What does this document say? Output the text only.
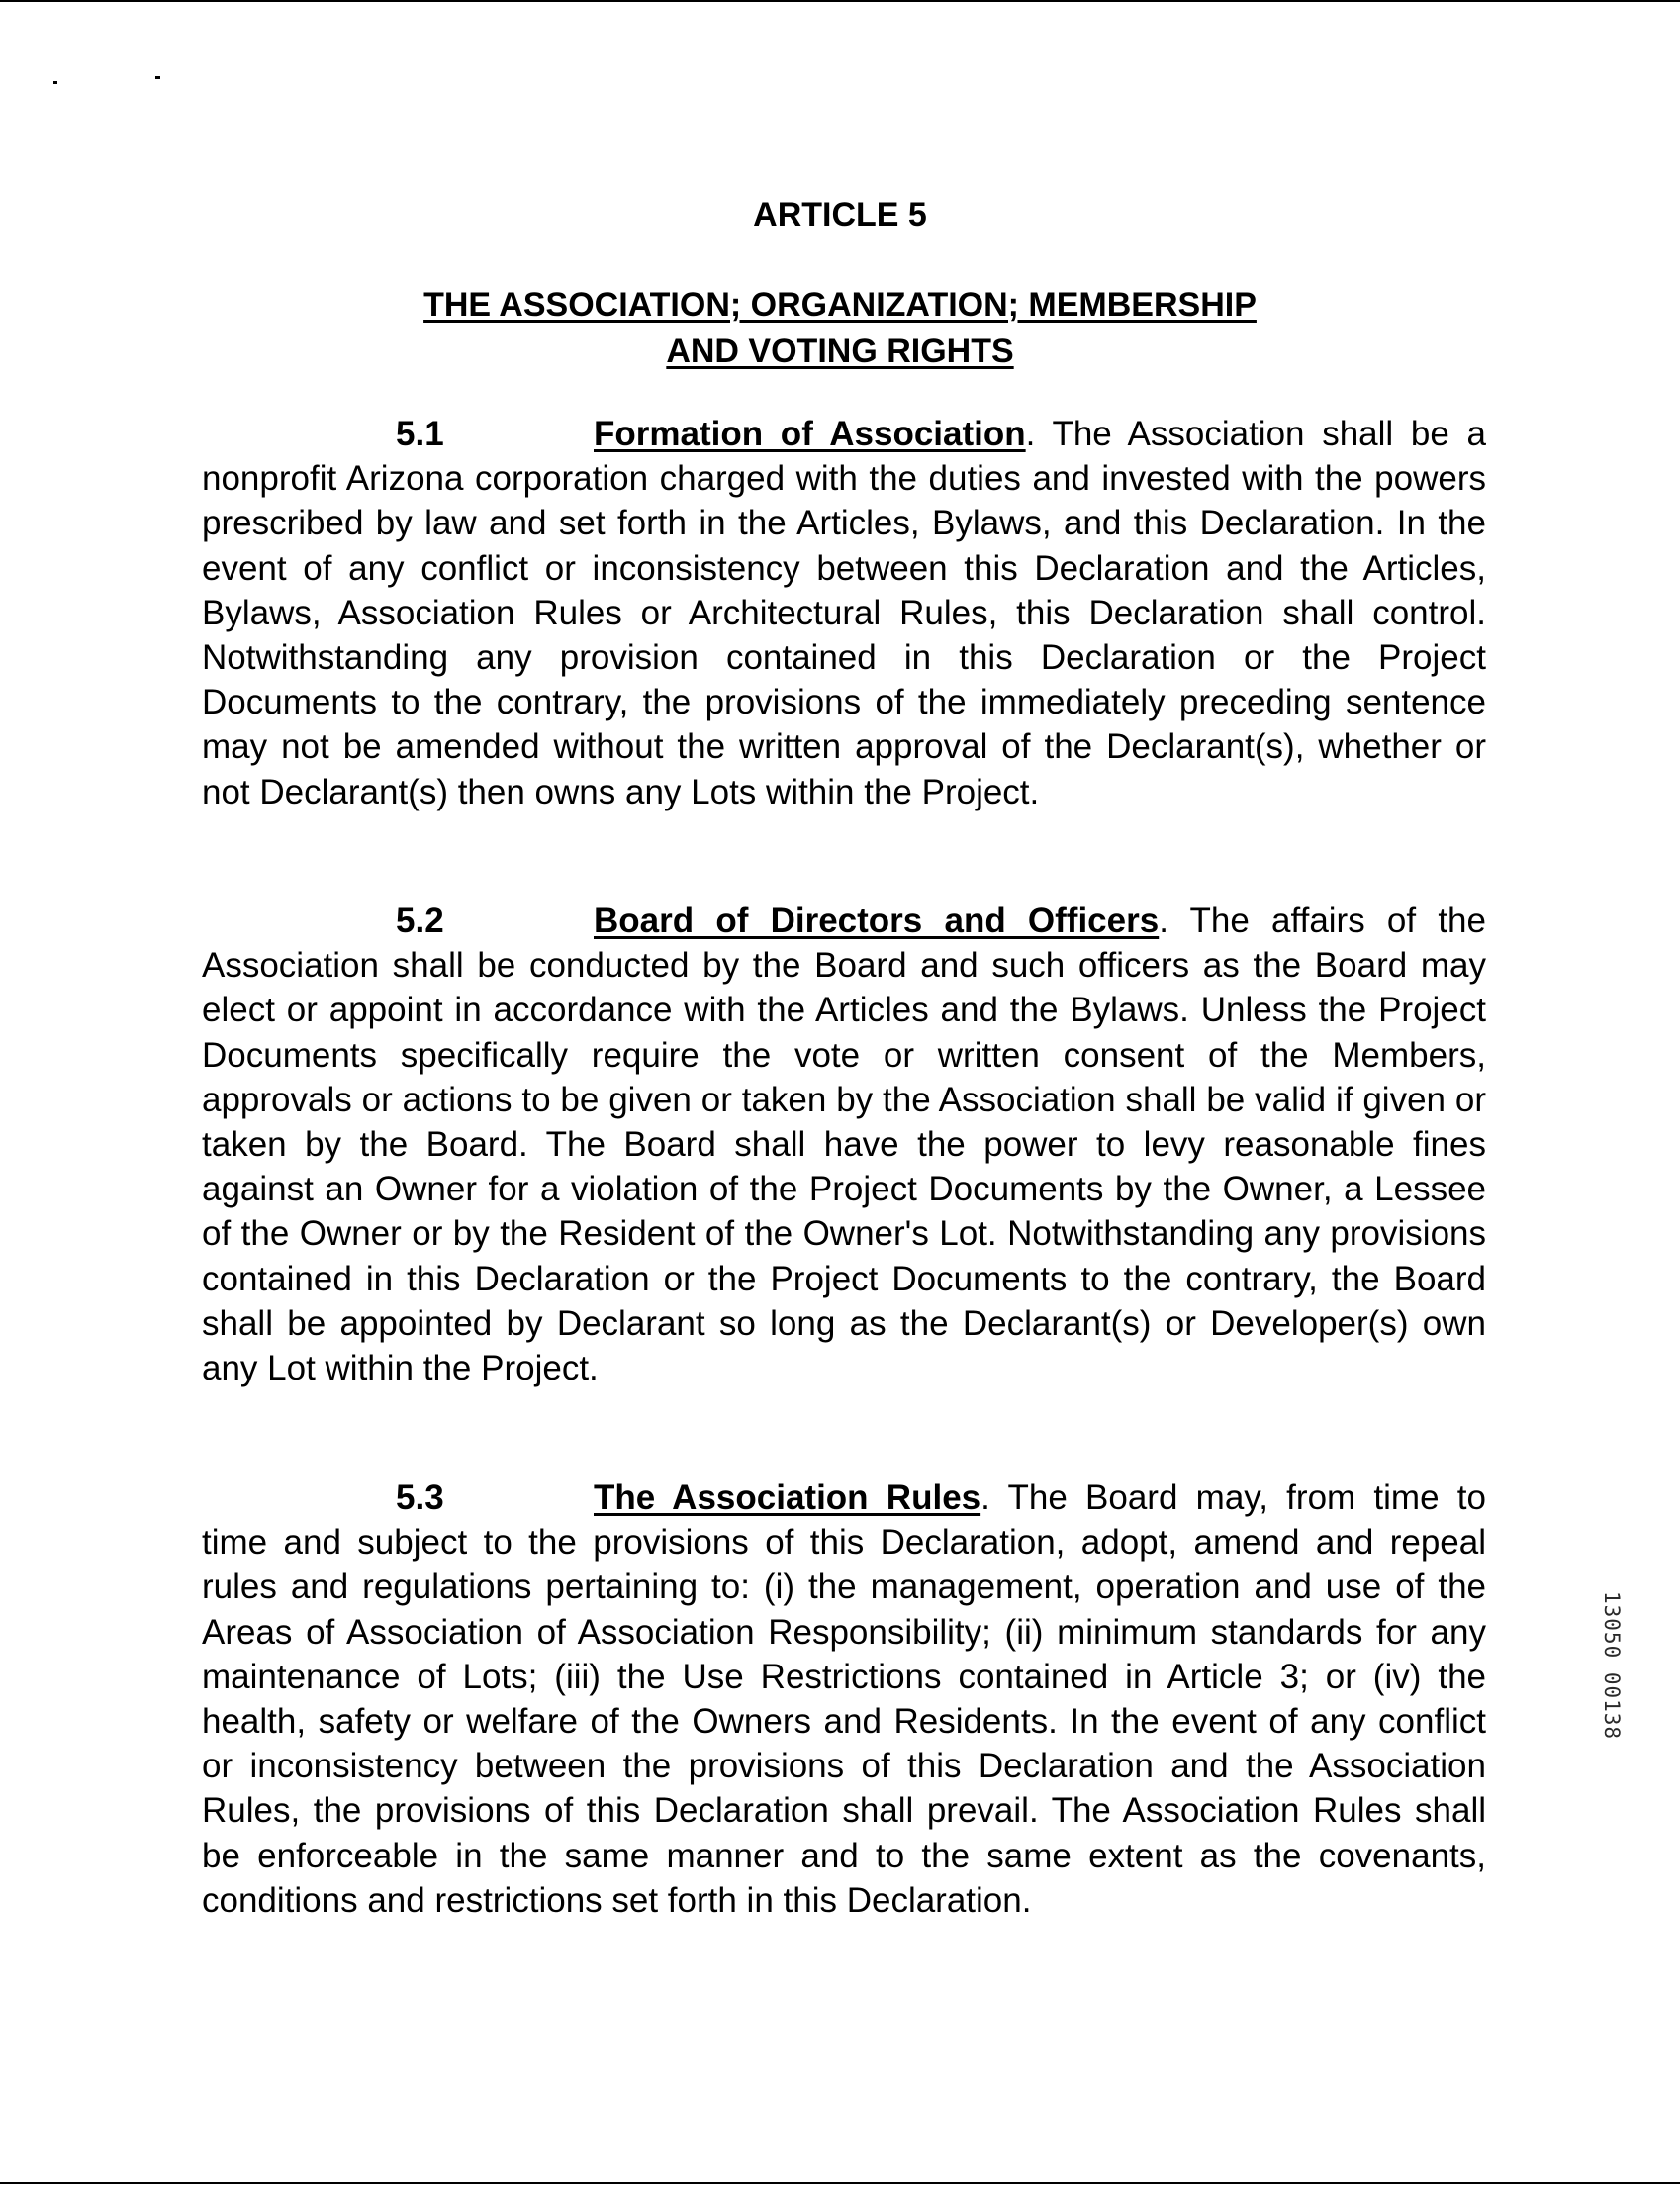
ARTICLE 5
THE ASSOCIATION; ORGANIZATION; MEMBERSHIP
AND VOTING RIGHTS
5.1	Formation of Association. The Association shall be a nonprofit Arizona corporation charged with the duties and invested with the powers prescribed by law and set forth in the Articles, Bylaws, and this Declaration. In the event of any conflict or inconsistency between this Declaration and the Articles, Bylaws, Association Rules or Architectural Rules, this Declaration shall control. Notwithstanding any provision contained in this Declaration or the Project Documents to the contrary, the provisions of the immediately preceding sentence may not be amended without the written approval of the Declarant(s), whether or not Declarant(s) then owns any Lots within the Project.
5.2	Board of Directors and Officers. The affairs of the Association shall be conducted by the Board and such officers as the Board may elect or appoint in accordance with the Articles and the Bylaws. Unless the Project Documents specifically require the vote or written consent of the Members, approvals or actions to be given or taken by the Association shall be valid if given or taken by the Board. The Board shall have the power to levy reasonable fines against an Owner for a violation of the Project Documents by the Owner, a Lessee of the Owner or by the Resident of the Owner's Lot. Notwithstanding any provisions contained in this Declaration or the Project Documents to the contrary, the Board shall be appointed by Declarant so long as the Declarant(s) or Developer(s) own any Lot within the Project.
5.3	The Association Rules. The Board may, from time to time and subject to the provisions of this Declaration, adopt, amend and repeal rules and regulations pertaining to: (i) the management, operation and use of the Areas of Association of Association Responsibility; (ii) minimum standards for any maintenance of Lots; (iii) the Use Restrictions contained in Article 3; or (iv) the health, safety or welfare of the Owners and Residents. In the event of any conflict or inconsistency between the provisions of this Declaration and the Association Rules, the provisions of this Declaration shall prevail. The Association Rules shall be enforceable in the same manner and to the same extent as the covenants, conditions and restrictions set forth in this Declaration.
13050 00138
